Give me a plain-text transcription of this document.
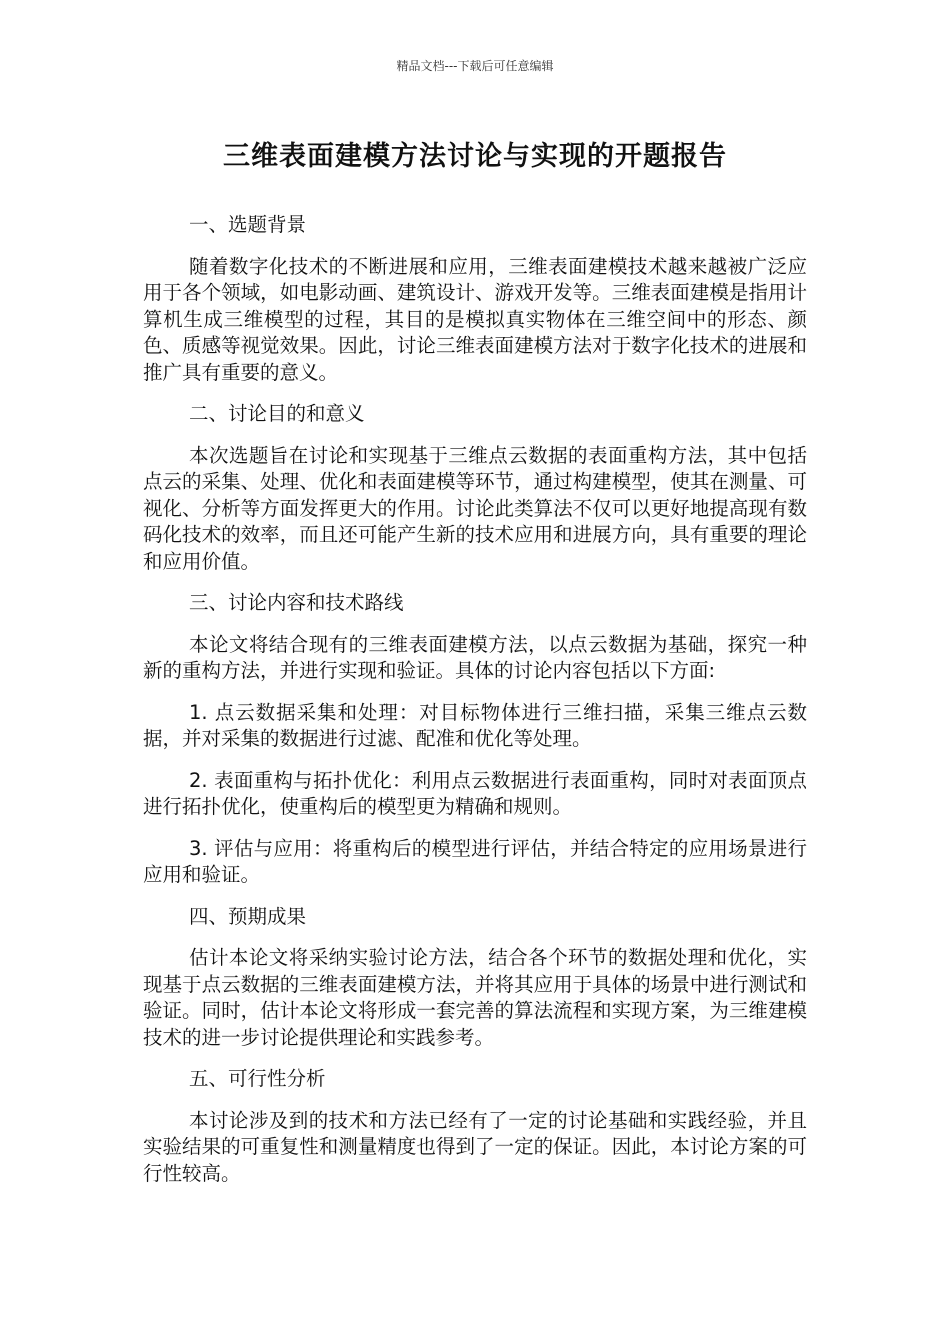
精品文档---下载后可任意编辑
三维表面建模方法讨论与实现的开题报告
一、选题背景

随着数字化技术的不断进展和应用，三维表面建模技术越来越被广泛应用于各个领域，如电影动画、建筑设计、游戏开发等。三维表面建模是指用计算机生成三维模型的过程，其目的是模拟真实物体在三维空间中的形态、颜色、质感等视觉效果。因此，讨论三维表面建模方法对于数字化技术的进展和推广具有重要的意义。

二、讨论目的和意义

本次选题旨在讨论和实现基于三维点云数据的表面重构方法，其中包括点云的采集、处理、优化和表面建模等环节，通过构建模型，使其在测量、可视化、分析等方面发挥更大的作用。讨论此类算法不仅可以更好地提高现有数码化技术的效率，而且还可能产生新的技术应用和进展方向，具有重要的理论和应用价值。

三、讨论内容和技术路线

本论文将结合现有的三维表面建模方法，以点云数据为基础，探究一种新的重构方法，并进行实现和验证。具体的讨论内容包括以下方面:

1. 点云数据采集和处理：对目标物体进行三维扫描，采集三维点云数据，并对采集的数据进行过滤、配准和优化等处理。

2. 表面重构与拓扑优化：利用点云数据进行表面重构，同时对表面顶点进行拓扑优化，使重构后的模型更为精确和规则。

3. 评估与应用：将重构后的模型进行评估，并结合特定的应用场景进行应用和验证。

四、预期成果

估计本论文将采纳实验讨论方法，结合各个环节的数据处理和优化，实现基于点云数据的三维表面建模方法，并将其应用于具体的场景中进行测试和验证。同时，估计本论文将形成一套完善的算法流程和实现方案，为三维建模技术的进一步讨论提供理论和实践参考。

五、可行性分析

本讨论涉及到的技术和方法已经有了一定的讨论基础和实践经验，并且实验结果的可重复性和测量精度也得到了一定的保证。因此，本讨论方案的可行性较高。
